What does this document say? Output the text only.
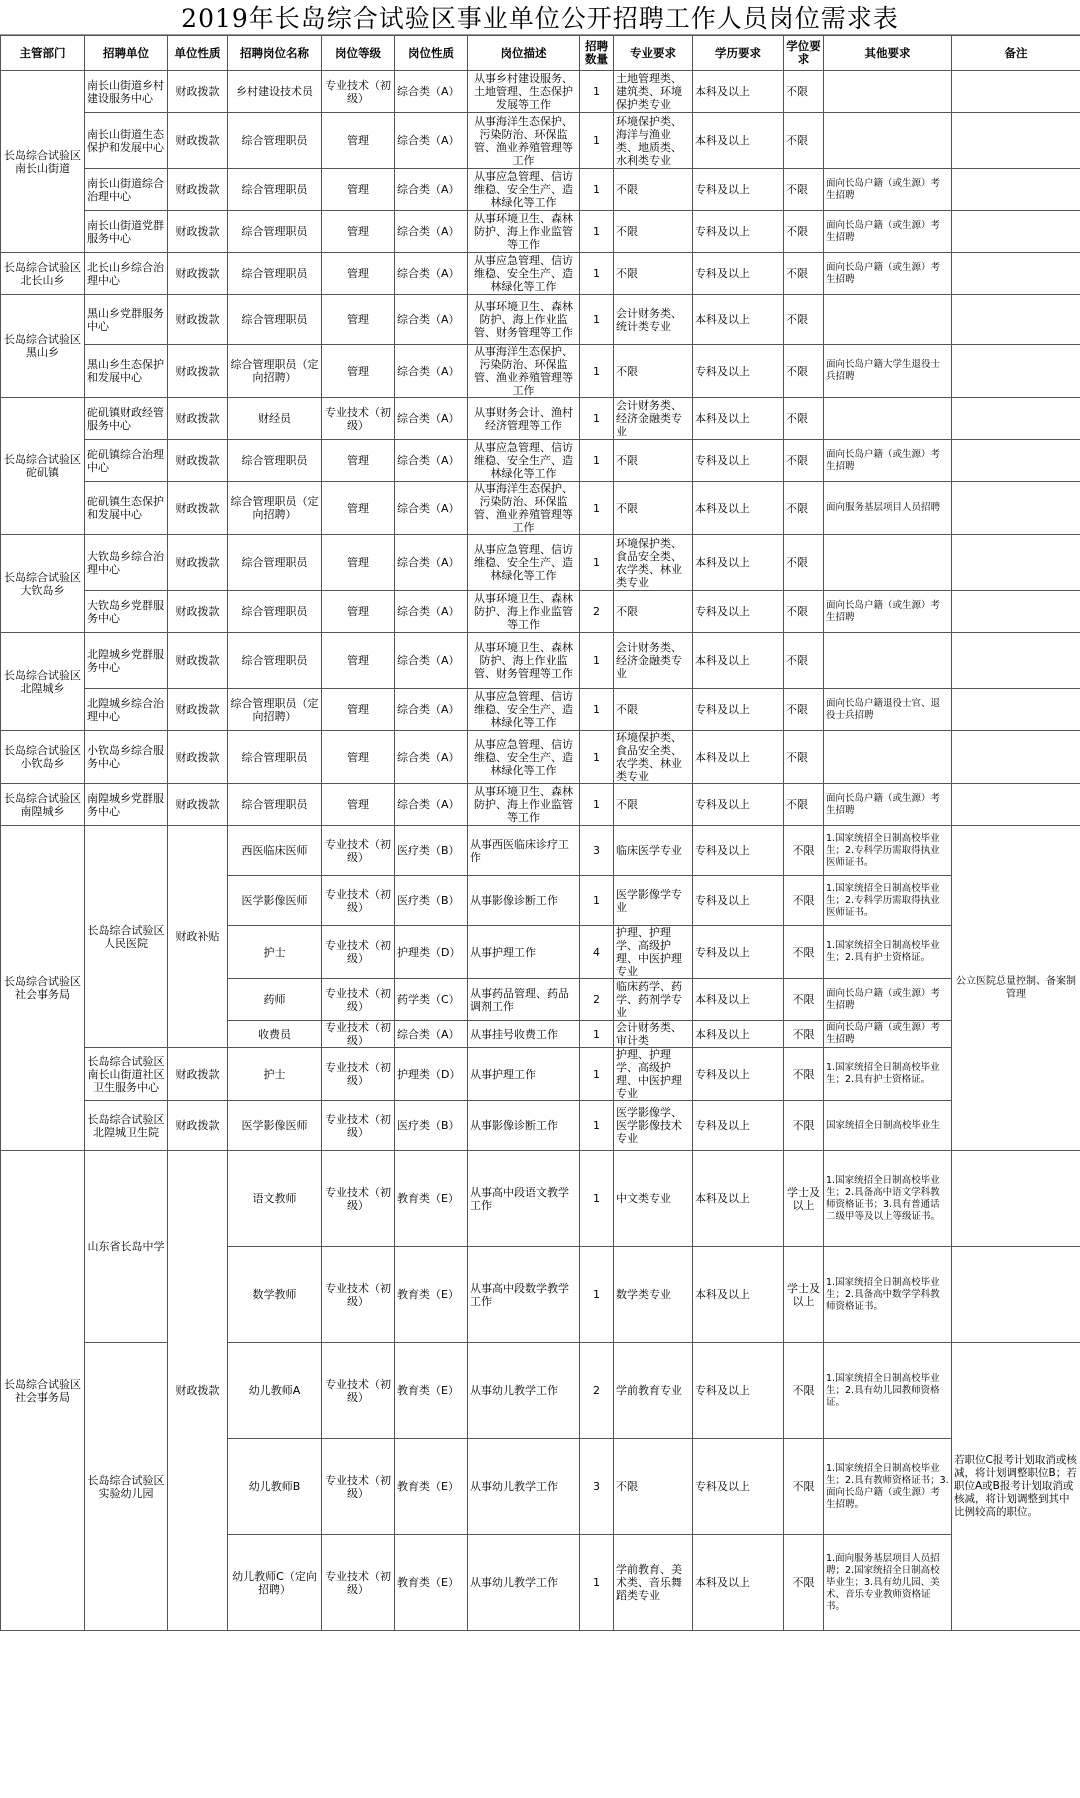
2019年长岛综合试验区事业单位公开招聘工作人员岗位需求表
主管部门	招聘单位	单位性质	招聘岗位名称	岗位等级	岗位性质	岗位描述	招聘数量	专业要求	学历要求	学位要求	其他要求	备注
长岛综合试验区南长山街道	南长山街道乡村建设服务中心	财政拨款	乡村建设技术员	专业技术（初级）	综合类（A）	从事乡村建设服务、土地管理、生态保护发展等工作	1	土地管理类、建筑类、环境保护类专业	本科及以上	不限		
	南长山街道生态保护和发展中心	财政拨款	综合管理职员	管理	综合类（A）	从事海洋生态保护、污染防治、环保监管、渔业养殖管理等工作	1	环境保护类、海洋与渔业类、地质类、水利类专业	本科及以上	不限		
	南长山街道综合治理中心	财政拨款	综合管理职员	管理	综合类（A）	从事应急管理、信访维稳、安全生产、造林绿化等工作	1	不限	专科及以上	不限	面向长岛户籍（或生源）考生招聘	
	南长山街道党群服务中心	财政拨款	综合管理职员	管理	综合类（A）	从事环境卫生、森林防护、海上作业监管等工作	1	不限	专科及以上	不限	面向长岛户籍（或生源）考生招聘	
长岛综合试验区北长山乡	北长山乡综合治理中心	财政拨款	综合管理职员	管理	综合类（A）	从事应急管理、信访维稳、安全生产、造林绿化等工作	1	不限	专科及以上	不限	面向长岛户籍（或生源）考生招聘	
长岛综合试验区黑山乡	黑山乡党群服务中心	财政拨款	综合管理职员	管理	综合类（A）	从事环境卫生、森林防护、海上作业监管、财务管理等工作	1	会计财务类、统计类专业	本科及以上	不限		
	黑山乡生态保护和发展中心	财政拨款	综合管理职员（定向招聘）	管理	综合类（A）	从事海洋生态保护、污染防治、环保监管、渔业养殖管理等工作	1	不限	专科及以上	不限	面向长岛户籍大学生退役士兵招聘	
长岛综合试验区砣矶镇	砣矶镇财政经管服务中心	财政拨款	财经员	专业技术（初级）	综合类（A）	从事财务会计、渔村经济管理等工作	1	会计财务类、经济金融类专业	本科及以上	不限		
	砣矶镇综合治理中心	财政拨款	综合管理职员	管理	综合类（A）	从事应急管理、信访维稳、安全生产、造林绿化等工作	1	不限	专科及以上	不限	面向长岛户籍（或生源）考生招聘	
	砣矶镇生态保护和发展中心	财政拨款	综合管理职员（定向招聘）	管理	综合类（A）	从事海洋生态保护、污染防治、环保监管、渔业养殖管理等工作	1	不限	本科及以上	不限	面向服务基层项目人员招聘	
长岛综合试验区大钦岛乡	大钦岛乡综合治理中心	财政拨款	综合管理职员	管理	综合类（A）	从事应急管理、信访维稳、安全生产、造林绿化等工作	1	环境保护类、食品安全类、农学类、林业类专业	本科及以上	不限		
	大钦岛乡党群服务中心	财政拨款	综合管理职员	管理	综合类（A）	从事环境卫生、森林防护、海上作业监管等工作	2	不限	专科及以上	不限	面向长岛户籍（或生源）考生招聘	
长岛综合试验区北隍城乡	北隍城乡党群服务中心	财政拨款	综合管理职员	管理	综合类（A）	从事环境卫生、森林防护、海上作业监管、财务管理等工作	1	会计财务类、经济金融类专业	本科及以上	不限		
	北隍城乡综合治理中心	财政拨款	综合管理职员（定向招聘）	管理	综合类（A）	从事应急管理、信访维稳、安全生产、造林绿化等工作	1	不限	专科及以上	不限	面向长岛户籍退役士官、退役士兵招聘	
长岛综合试验区小钦岛乡	小钦岛乡综合服务中心	财政拨款	综合管理职员	管理	综合类（A）	从事应急管理、信访维稳、安全生产、造林绿化等工作	1	环境保护类、食品安全类、农学类、林业类专业	本科及以上	不限		
长岛综合试验区南隍城乡	南隍城乡党群服务中心	财政拨款	综合管理职员	管理	综合类（A）	从事环境卫生、森林防护、海上作业监管等工作	1	不限	专科及以上	不限	面向长岛户籍（或生源）考生招聘	
长岛综合试验区社会事务局	长岛综合试验区人民医院	财政补贴	西医临床医师	专业技术（初级）	医疗类（B）	从事西医临床诊疗工作	3	临床医学专业	专科及以上	不限	1.国家统招全日制高校毕业生；2.专科学历需取得执业医师证书。	公立医院总量控制、备案制管理
			医学影像医师	专业技术（初级）	医疗类（B）	从事影像诊断工作	1	医学影像学专业	专科及以上	不限	1.国家统招全日制高校毕业生；2.专科学历需取得执业医师证书。	
			护士	专业技术（初级）	护理类（D）	从事护理工作	4	护理、护理学、高级护理、中医护理专业	专科及以上	不限	1.国家统招全日制高校毕业生；2.具有护士资格证。	
			药师	专业技术（初级）	药学类（C）	从事药品管理、药品调剂工作	2	临床药学、药学、药剂学专业	本科及以上	不限	面向长岛户籍（或生源）考生招聘	
			收费员	专业技术（初级）	综合类（A）	从事挂号收费工作	1	会计财务类、审计类	本科及以上	不限	面向长岛户籍（或生源）考生招聘	
	长岛综合试验区南长山街道社区卫生服务中心	财政拨款	护士	专业技术（初级）	护理类（D）	从事护理工作	1	护理、护理学、高级护理、中医护理专业	专科及以上	不限	1.国家统招全日制高校毕业生；2.具有护士资格证。	
	长岛综合试验区北隍城卫生院	财政拨款	医学影像医师	专业技术（初级）	医疗类（B）	从事影像诊断工作	1	医学影像学、医学影像技术专业	专科及以上	不限	国家统招全日制高校毕业生	
长岛综合试验区社会事务局	山东省长岛中学	财政拨款	语文教师	专业技术（初级）	教育类（E）	从事高中段语文教学工作	1	中文类专业	本科及以上	学士及以上	1.国家统招全日制高校毕业生；2.具备高中语文学科教师资格证书；3.具有普通话二级甲等及以上等级证书。	
			数学教师	专业技术（初级）	教育类（E）	从事高中段数学教学工作	1	数学类专业	本科及以上	学士及以上	1.国家统招全日制高校毕业生；2.具备高中数学学科教师资格证书。	
	长岛综合试验区实验幼儿园		幼儿教师A	专业技术（初级）	教育类（E）	从事幼儿教学工作	2	学前教育专业	专科及以上	不限	1.国家统招全日制高校毕业生；2.具有幼儿园教师资格证。	若职位C报考计划取消或核减，将计划调整职位B；若职位A或B报考计划取消或核减，将计划调整到其中比例较高的职位。
			幼儿教师B	专业技术（初级）	教育类（E）	从事幼儿教学工作	3	不限	专科及以上	不限	1.国家统招全日制高校毕业生；2.具有教师资格证书；3.面向长岛户籍（或生源）考生招聘。	
			幼儿教师C（定向招聘）	专业技术（初级）	教育类（E）	从事幼儿教学工作	1	学前教育、美术类、音乐舞蹈类专业	本科及以上	不限	1.面向服务基层项目人员招聘；2.国家统招全日制高校毕业生；3.具有幼儿园、美术、音乐专业教师资格证书。	
